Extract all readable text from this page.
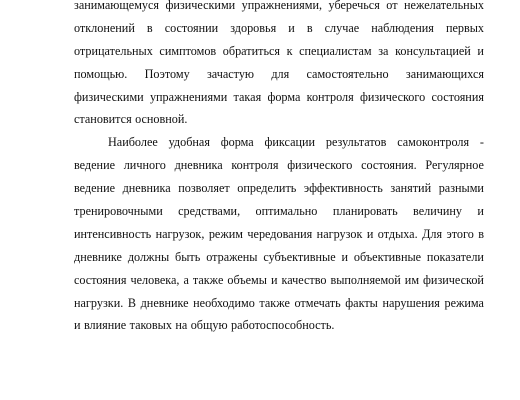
занимающемуся физическими упражнениями, уберечься от нежелательных
отклонений в состоянии здоровья и в случае наблюдения первых
отрицательных симптомов обратиться к специалистам за консультацией и
помощью. Поэтому зачастую для самостоятельно занимающихся
физическими упражнениями такая форма контроля физического состояния
становится основной.
Наиболее удобная форма фиксации результатов самоконтроля -
ведение личного дневника контроля физического состояния. Регулярное
ведение дневника позволяет определить эффективность занятий разными
тренировочными средствами, оптимально планировать величину и
интенсивность нагрузок, режим чередования нагрузок и отдыха. Для этого в
дневнике должны быть отражены субъективные и объективные показатели
состояния человека, а также объемы и качество выполняемой им физической
нагрузки. В дневнике необходимо также отмечать факты нарушения режима
и влияние таковых на общую работоспособность.
